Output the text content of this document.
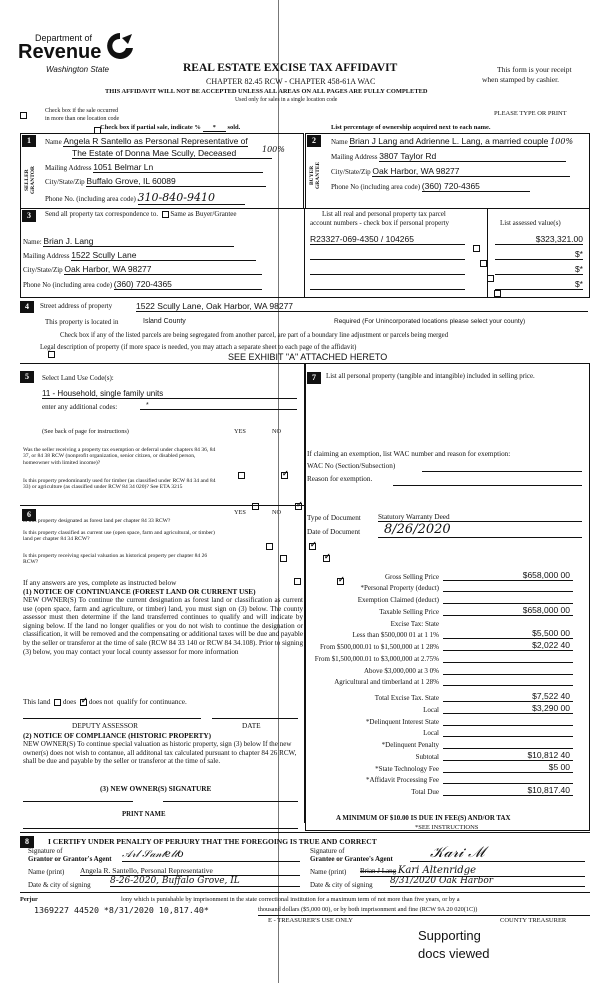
Department of
Revenue
Washington State	REAL ESTATE EXCISE TAX AFFIDAVIT
CHAPTER 82.45 RCW - CHAPTER 458-61A WAC
THIS AFFIDAVIT WILL NOT BE ACCEPTED UNLESS ALL AREAS ON ALL PAGES ARE FULLY COMPLETED
Used only for sales in a single location code
This form is your receipt
when stamped by cashier.

Check box if the sale occurred
in more than one location code
PLEASE TYPE OR PRINT
Check box if partial sale, indicate % * sold.	List percentage of ownership acquired next to each name.
1
SELLER GRANTOR
Name Angela R Santello as Personal Representative of
The Estate of Donna Mae Scully, Deceased	100%
Mailing Address 1051 Belmar Ln
City/State/Zip Buffalo Grove, IL 60089
Phone No. (including area code) 310-840-9410
2
BUYER GRANTEE
Name Brian J Lang and Adrienne L. Lang, a married couple 100%
Mailing Address 3807 Taylor Rd
City/State/Zip Oak Harbor, WA 98277
Phone No (including area code) (360) 720-4365
3	Send all property tax correspondence to. Same as Buyer/Grantee
Name: Brian J. Lang
Mailing Address 1522 Scully Lane
City/State/Zip Oak Harbor, WA 98277
Phone No (including area code) (360) 720-4365
List all real and personal property tax parcel
account numbers - check box if personal property	List assessed value(s)
R23327-069-4350 / 104265	$323,321.00
$*
$*
$*
4	Street address of property	1522 Scully Lane, Oak Harbor, WA 98277
This property is located in	Island County	Required (For Unincorporated locations please select your county)
Check box if any of the listed parcels are being segregated from another parcel, are part of a boundary line adjustment or parcels being merged
Legal description of property (if more space is needed, you may attach a separate sheet to each page of the affidavit)
SEE EXHIBIT "A" ATTACHED HERETO
5	Select Land Use Code(s):
11 - Household, single family units
enter any additional codes:	*
(See back of page for instructions)	YES	NO
6	YES	NO
Was the seller receiving a property tax exemption or deferral under chapters 84 36, 84 37, or 84 38 RCW (nonprofit organization, senior citizen, or disabled person, homeowner with limited income)?
✓
Is this property predominantly used for timber (as classified under RCW 84 34 and 84 33) or agriculture (as classified under RCW 84 34 020)? See ETA 3215
✓
Is this property designated as forest land per chapter 84 33 RCW?
✓
Is this property classified as current use (open space, farm and agricultural, or timber) land per chapter 84 34 RCW?
✓
Is this property receiving special valuation as historical property per chapter 84 26 RCW?
✓
If any answers are yes, complete as instructed below
(1) NOTICE OF CONTINUANCE (FOREST LAND OR CURRENT USE)
NEW OWNER(S) To continue the current designation as forest land or classification as current use (open space, farm and agriculture, or timber) land, you must sign on (3) below. The county assessor must then determine if the land transferred continues to qualify and will indicate by signing below. If the land no longer qualifies or you do not wish to continue the designation or classification, it will be removed and the compensating or additional taxes will be due and payable by the seller or transferor at the time of sale (RCW 84 33 140 or RCW 84 34.108). Prior to signing (3) below, you may contact your local county assessor for more information
This land does ✓ does not qualify for continuance.
DEPUTY ASSESSOR	DATE
(2) NOTICE OF COMPLIANCE (HISTORIC PROPERTY)
NEW OWNER(S) To continue special valuation as historic property, sign (3) below If the new owner(s) does not wish to contanue, all additonal tax calculated pursuant to chapter 84 26 RCW, shall be due and payable by the seller or transferor at the time of sale.
(3) NEW OWNER(S) SIGNATURE
PRINT NAME
7	List all personal property (tangible and intangible) included in selling price.
If claiming an exemption, list WAC number and reason for exemption:
WAC No (Section/Subsection)
Reason for exemption.
Type of Document Statutory Warranty Deed
Date of Document	8/26/2020
Gross Selling Price	$658,000 00
*Personal Property (deduct)
Exemption Claimed (deduct)
Taxable Selling Price	$658,000 00
Excise Tax: State
Less than $500,000 01 at 1 1%	$5,500 00
From $500,000.01 to $1,500,000 at 1 28%	$2,022 40
From $1,500,000.01 to $3,000,000 at 2.75%
Above $3,000,000 at 3 0%
Agricultural and timberland at 1 28%
Total Excise Tax. State	$7,522 40
Local	$3,290 00
*Delinquent Interest State
Local
*Delinquent Penalty
Subtotal	$10,812 40
*State Technology Fee	$5 00
*Affidavit Processing Fee
Total Due	$10,817.40
A MINIMUM OF $10.00 IS DUE IN FEE(S) AND/OR TAX
*SEE INSTRUCTIONS
8	I CERTIFY UNDER PENALTY OF PERJURY THAT THE FOREGOING IS TRUE AND CORRECT
Signature of
Grantor or Grantor's Agent 𝒜𝓇𝓁 𝒮𝒶𝓃𝓉𝑒𝓁𝓁𝑜
Name (print) Angela R. Santello, Personal Representative
Date & city of signing 8-26-2020, Buffalo Grove, IL
Signature of
Grantee or Grantee's Agent	𝒦𝒶𝓇𝒾 ℳ
Name (print) Brian J Lang Kari Altenridge
Date & city of signing 8/31/2020 Oak Harbor
Perjur	lony which is punishable by imprisonment in the state correctional institution for a maximum term of not more than five years, or by a
thousand dollars ($5,000 00), or by both imprisonment and fine (RCW 9A 20 020(1C))
1369227 44520 *8/31/2020 10,817.40*
E - TREASURER'S USE ONLY	COUNTY TREASURER
Supporting
docs viewed
